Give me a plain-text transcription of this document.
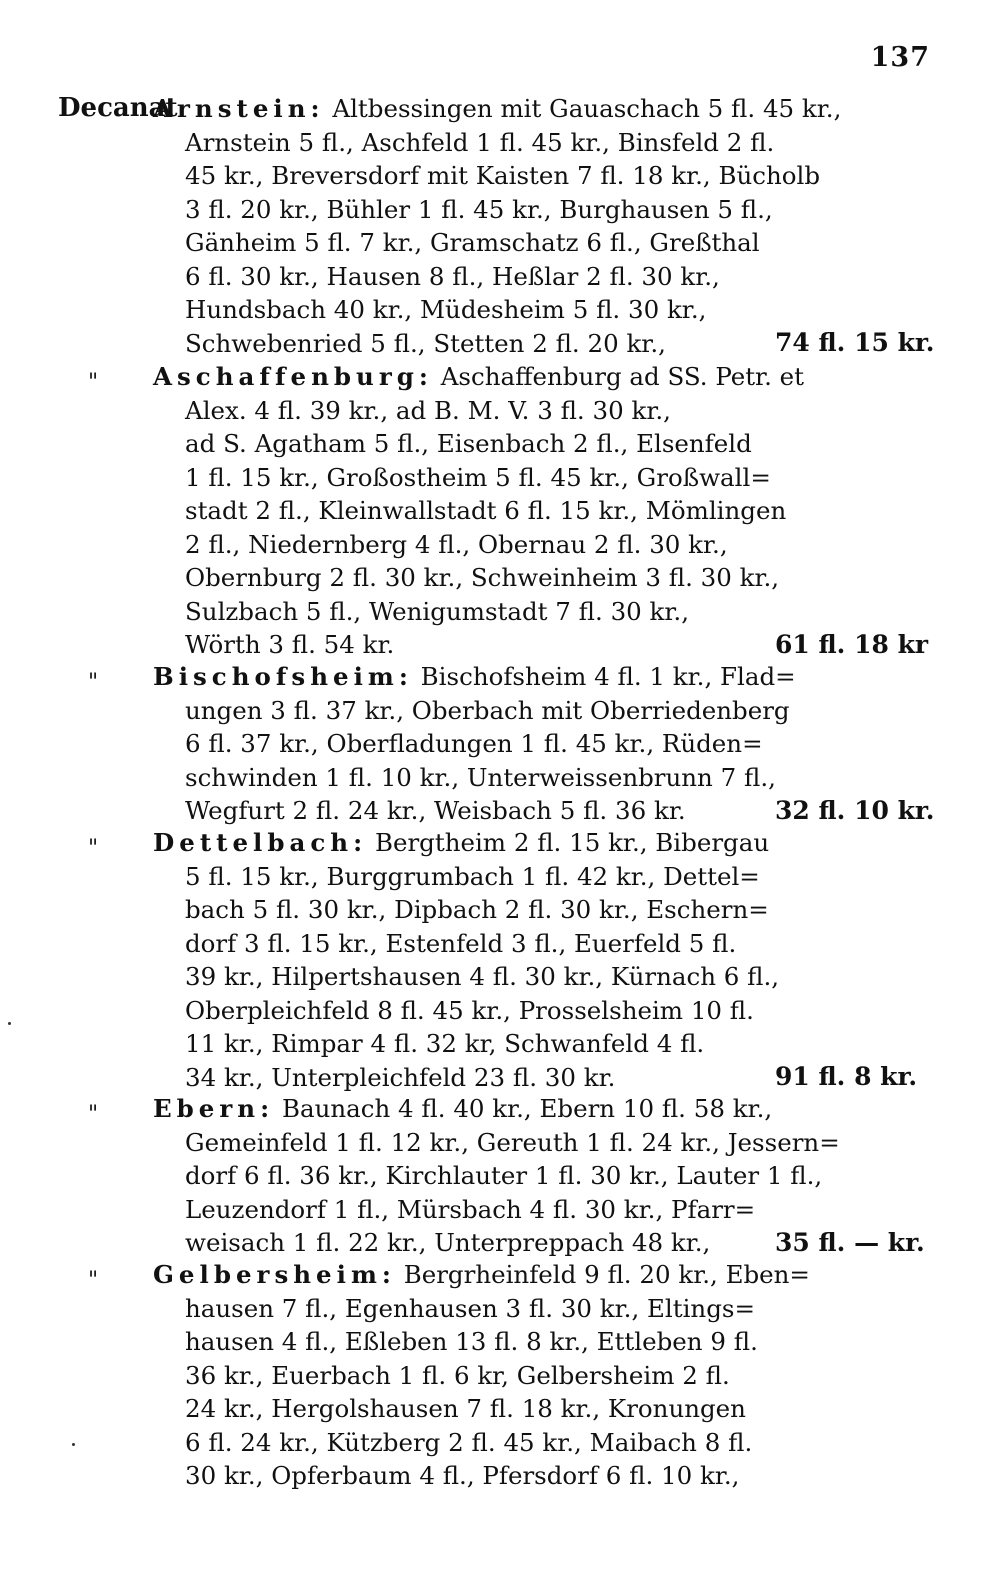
137
Decanat
Arnstein: Altbessingen mit Gauaschach 5 fl. 45 kr.,
Arnstein 5 fl., Aschfeld 1 fl. 45 kr., Binsfeld 2 fl.
45 kr., Breversdorf mit Kaisten 7 fl. 18 kr., Bücholb
3 fl. 20 kr., Bühler 1 fl. 45 kr., Burghausen 5 fl.,
Gänheim 5 fl. 7 kr., Gramschatz 6 fl., Greßthal
6 fl. 30 kr., Hausen 8 fl., Heßlar 2 fl. 30 kr.,
Hundsbach 40 kr., Müdesheim 5 fl. 30 kr.,
Schwebenried 5 fl., Stetten 2 fl. 20 kr.,	74 fl. 15 kr.
" Aschaffenburg: Aschaffenburg ad SS. Petr. et
Alex. 4 fl. 39 kr., ad B. M. V. 3 fl. 30 kr.,
ad S. Agatham 5 fl., Eisenbach 2 fl., Elsenfeld
1 fl. 15 kr., Großostheim 5 fl. 45 kr., Großwall=
stadt 2 fl., Kleinwallstadt 6 fl. 15 kr., Mömlingen
2 fl., Niedernberg 4 fl., Obernau 2 fl. 30 kr.,
Obernburg 2 fl. 30 kr., Schweinheim 3 fl. 30 kr.,
Sulzbach 5 fl., Wenigumstadt 7 fl. 30 kr.,
Wörth 3 fl. 54 kr.	61 fl. 18 kr
" Bischofsheim: Bischofsheim 4 fl. 1 kr., Flad=
ungen 3 fl. 37 kr., Oberbach mit Oberriedenberg
6 fl. 37 kr., Oberfladungen 1 fl. 45 kr., Rüden=
schwinden 1 fl. 10 kr., Unterweissenbrunn 7 fl.,
Wegfurt 2 fl. 24 kr., Weisbach 5 fl. 36 kr.	32 fl. 10 kr.
" Dettelbach: Bergtheim 2 fl. 15 kr., Bibergau
5 fl. 15 kr., Burggrumbach 1 fl. 42 kr., Dettel=
bach 5 fl. 30 kr., Dipbach 2 fl. 30 kr., Eschern=
dorf 3 fl. 15 kr., Estenfeld 3 fl., Euerfeld 5 fl.
39 kr., Hilpertshausen 4 fl. 30 kr., Kürnach 6 fl.,
Oberpleichfeld 8 fl. 45 kr., Prosselsheim 10 fl.
11 kr., Rimpar 4 fl. 32 kr, Schwanfeld 4 fl.
34 kr., Unterpleichfeld 23 fl. 30 kr.	91 fl. 8 kr.
" Ebern: Baunach 4 fl. 40 kr., Ebern 10 fl. 58 kr.,
Gemeinfeld 1 fl. 12 kr., Gereuth 1 fl. 24 kr., Jessern=
dorf 6 fl. 36 kr., Kirchlauter 1 fl. 30 kr., Lauter 1 fl.,
Leuzendorf 1 fl., Mürsbach 4 fl. 30 kr., Pfarr=
weisach 1 fl. 22 kr., Unterpreppach 48 kr.,	35 fl. — kr.
" Gelbersheim: Bergrheinfeld 9 fl. 20 kr., Eben=
hausen 7 fl., Egenhausen 3 fl. 30 kr., Eltings=
hausen 4 fl., Eßleben 13 fl. 8 kr., Ettleben 9 fl.
36 kr., Euerbach 1 fl. 6 kr, Gelbersheim 2 fl.
24 kr., Hergolshausen 7 fl. 18 kr., Kronungen
6 fl. 24 kr., Kützberg 2 fl. 45 kr., Maibach 8 fl.
30 kr., Opferbaum 4 fl., Pfersdorf 6 fl. 10 kr.,
